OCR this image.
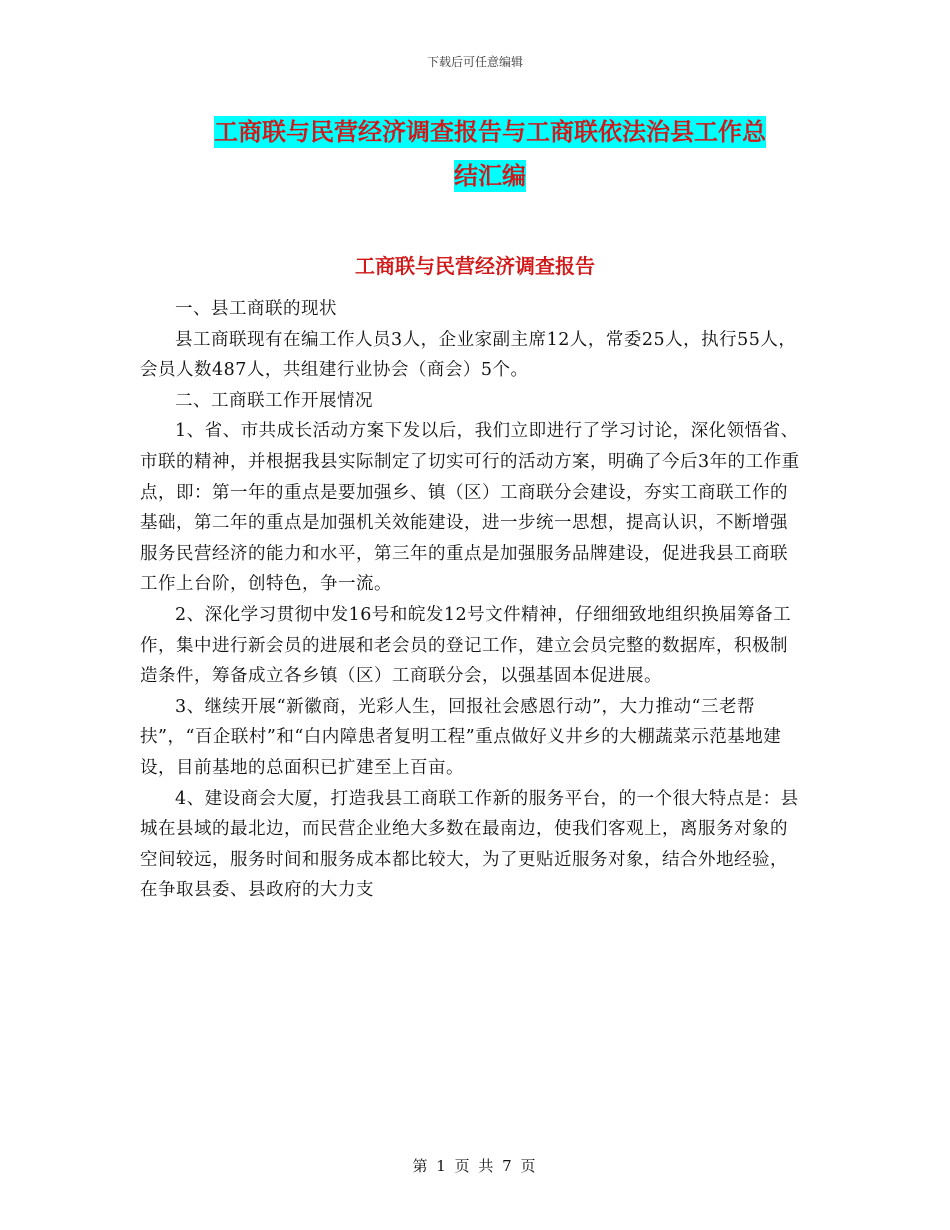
下载后可任意编辑
工商联与民营经济调查报告与工商联依法治县工作总
结汇编
工商联与民营经济调查报告

一、县工商联的现状

县工商联现有在编工作人员3人，企业家副主席12人，常委25人，执行55人，会员人数487人，共组建行业协会（商会）5个。

二、工商联工作开展情况

1、省、市共成长活动方案下发以后，我们立即进行了学习讨论，深化领悟省、市联的精神，并根据我县实际制定了切实可行的活动方案，明确了今后3年的工作重点，即：第一年的重点是要加强乡、镇（区）工商联分会建设，夯实工商联工作的基础，第二年的重点是加强机关效能建设，进一步统一思想，提高认识，不断增强服务民营经济的能力和水平，第三年的重点是加强服务品牌建设，促进我县工商联工作上台阶，创特色，争一流。

2、深化学习贯彻中发16号和皖发12号文件精神，仔细细致地组织换届筹备工作，集中进行新会员的进展和老会员的登记工作，建立会员完整的数据库，积极制造条件，筹备成立各乡镇（区）工商联分会，以强基固本促进展。

3、继续开展“新徽商，光彩人生，回报社会感恩行动”，大力推动“三老帮扶”，“百企联村”和“白内障患者复明工程”重点做好义井乡的大棚蔬菜示范基地建设，目前基地的总面积已扩建至上百亩。

4、建设商会大厦，打造我县工商联工作新的服务平台，的一个很大特点是：县城在县域的最北边，而民营企业绝大多数在最南边，使我们客观上，离服务对象的空间较远，服务时间和服务成本都比较大，为了更贴近服务对象，结合外地经验，在争取县委、县政府的大力支

第 1 页 共 7 页
